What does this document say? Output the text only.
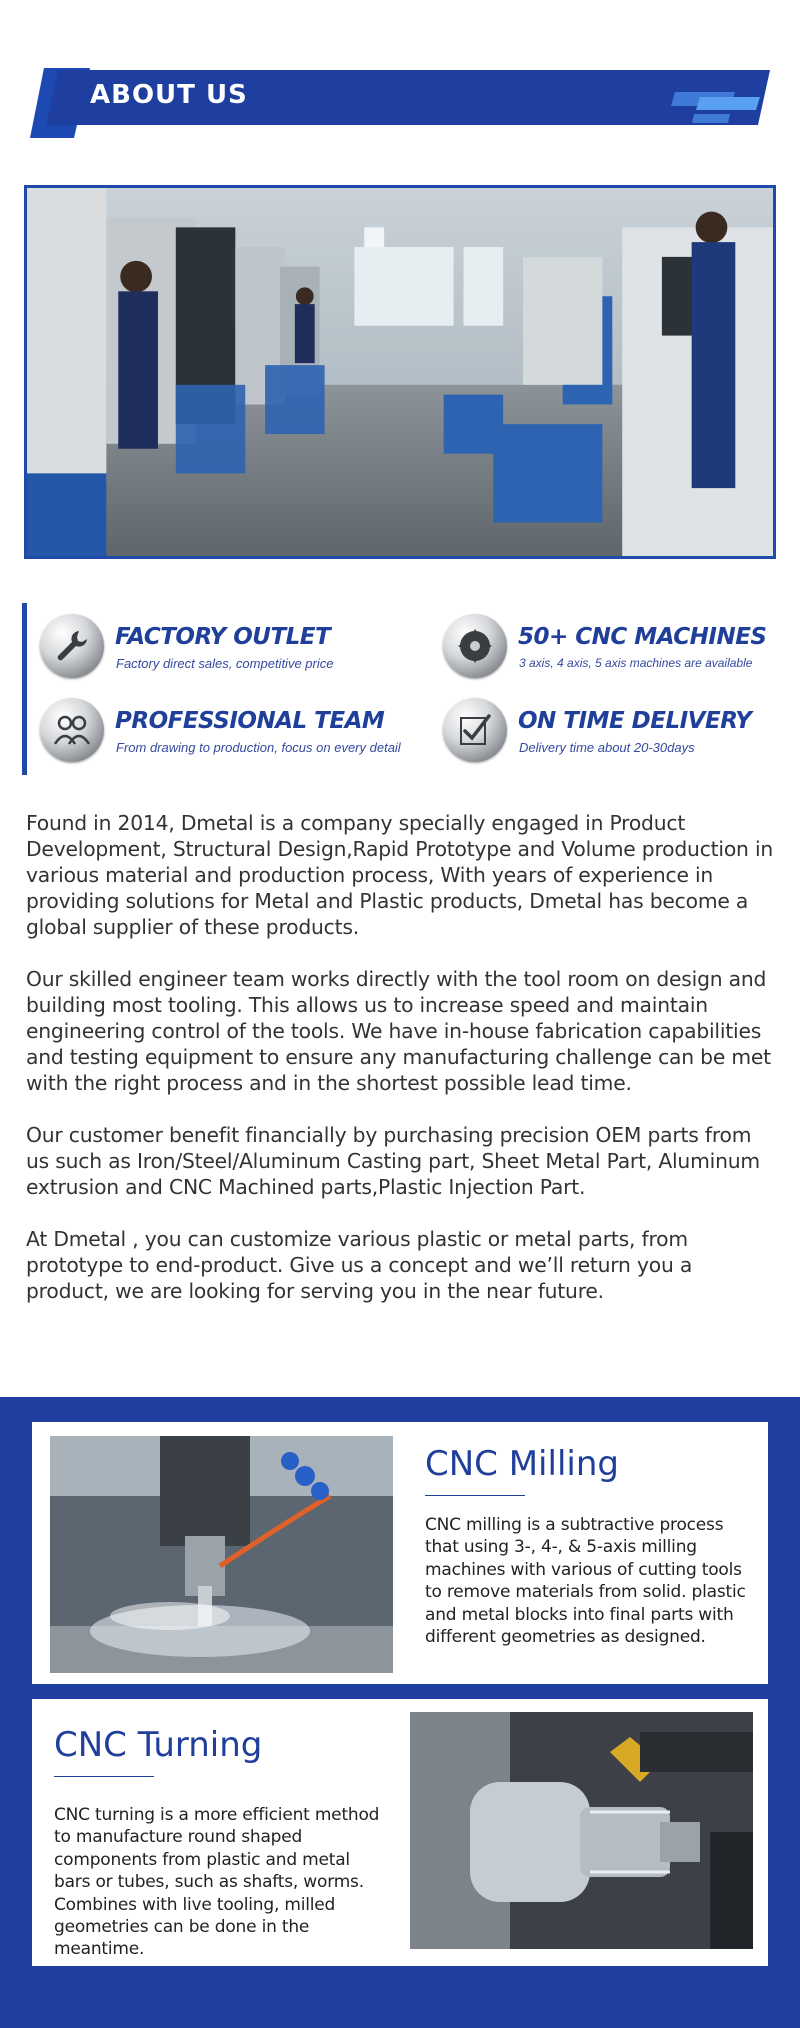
ABOUT US
FACTORY OUTLET
Factory direct sales, competitive price
50+ CNC MACHINES
3 axis, 4 axis, 5 axis machines are available
PROFESSIONAL TEAM
From drawing to production, focus on every detail
ON TIME DELIVERY
Delivery time about 20-30days

Found in 2014, Dmetal is a company specially engaged in Product Development, Structural Design,Rapid Prototype and Volume production in various material and production process, With years of experience in providing solutions for Metal and Plastic products, Dmetal has become a global supplier of these products.

Our skilled engineer team works directly with the tool room on design and building most tooling. This allows us to increase speed and maintain engineering control of the tools. We have in-house fabrication capabilities and testing equipment to ensure any manufacturing challenge can be met with the right process and in the shortest possible lead time.

Our customer benefit financially by purchasing precision OEM parts from us such as Iron/Steel/Aluminum Casting part, Sheet Metal Part, Aluminum extrusion and CNC Machined parts,Plastic Injection Part.

At Dmetal , you can customize various plastic or metal parts, from prototype to end-product. Give us a concept and we’ll return you a product, we are looking for serving you in the near future.

CNC Milling
CNC milling is a subtractive process that using 3-, 4-, & 5-axis milling machines with various of cutting tools to remove materials from solid. plastic and metal blocks into final parts with different geometries as designed.
CNC Turning
CNC turning is a more efficient method to manufacture round shaped components from plastic and metal bars or tubes, such as shafts, worms. Combines with live tooling, milled geometries can be done in the meantime.
